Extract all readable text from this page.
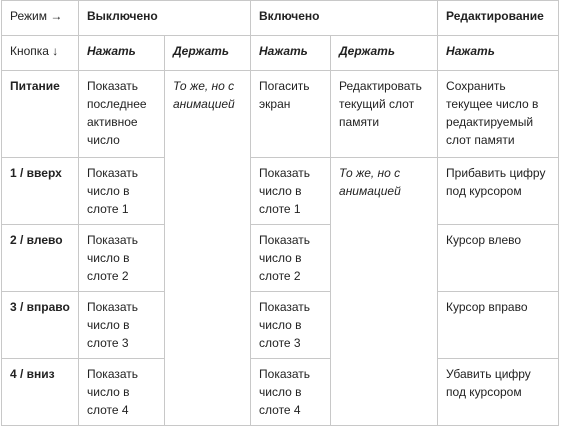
Режим →	Выключено		Включено		Редактирование
Кнопка ↓	Нажать	Держать	Нажать	Держать	Нажать
Питание	Показать последнее активное число	То же, но с анимацией	Погасить экран	Редактировать текущий слот памяти	Сохранить текущее число в редактируемый слот памяти
1 / вверх	Показать число в слоте 1		Показать число в слоте 1	То же, но с анимацией	Прибавить цифру под курсором
2 / влево	Показать число в слоте 2		Показать число в слоте 2		Курсор влево
3 / вправо	Показать число в слоте 3		Показать число в слоте 3		Курсор вправо
4 / вниз	Показать число в слоте 4		Показать число в слоте 4		Убавить цифру под курсором
